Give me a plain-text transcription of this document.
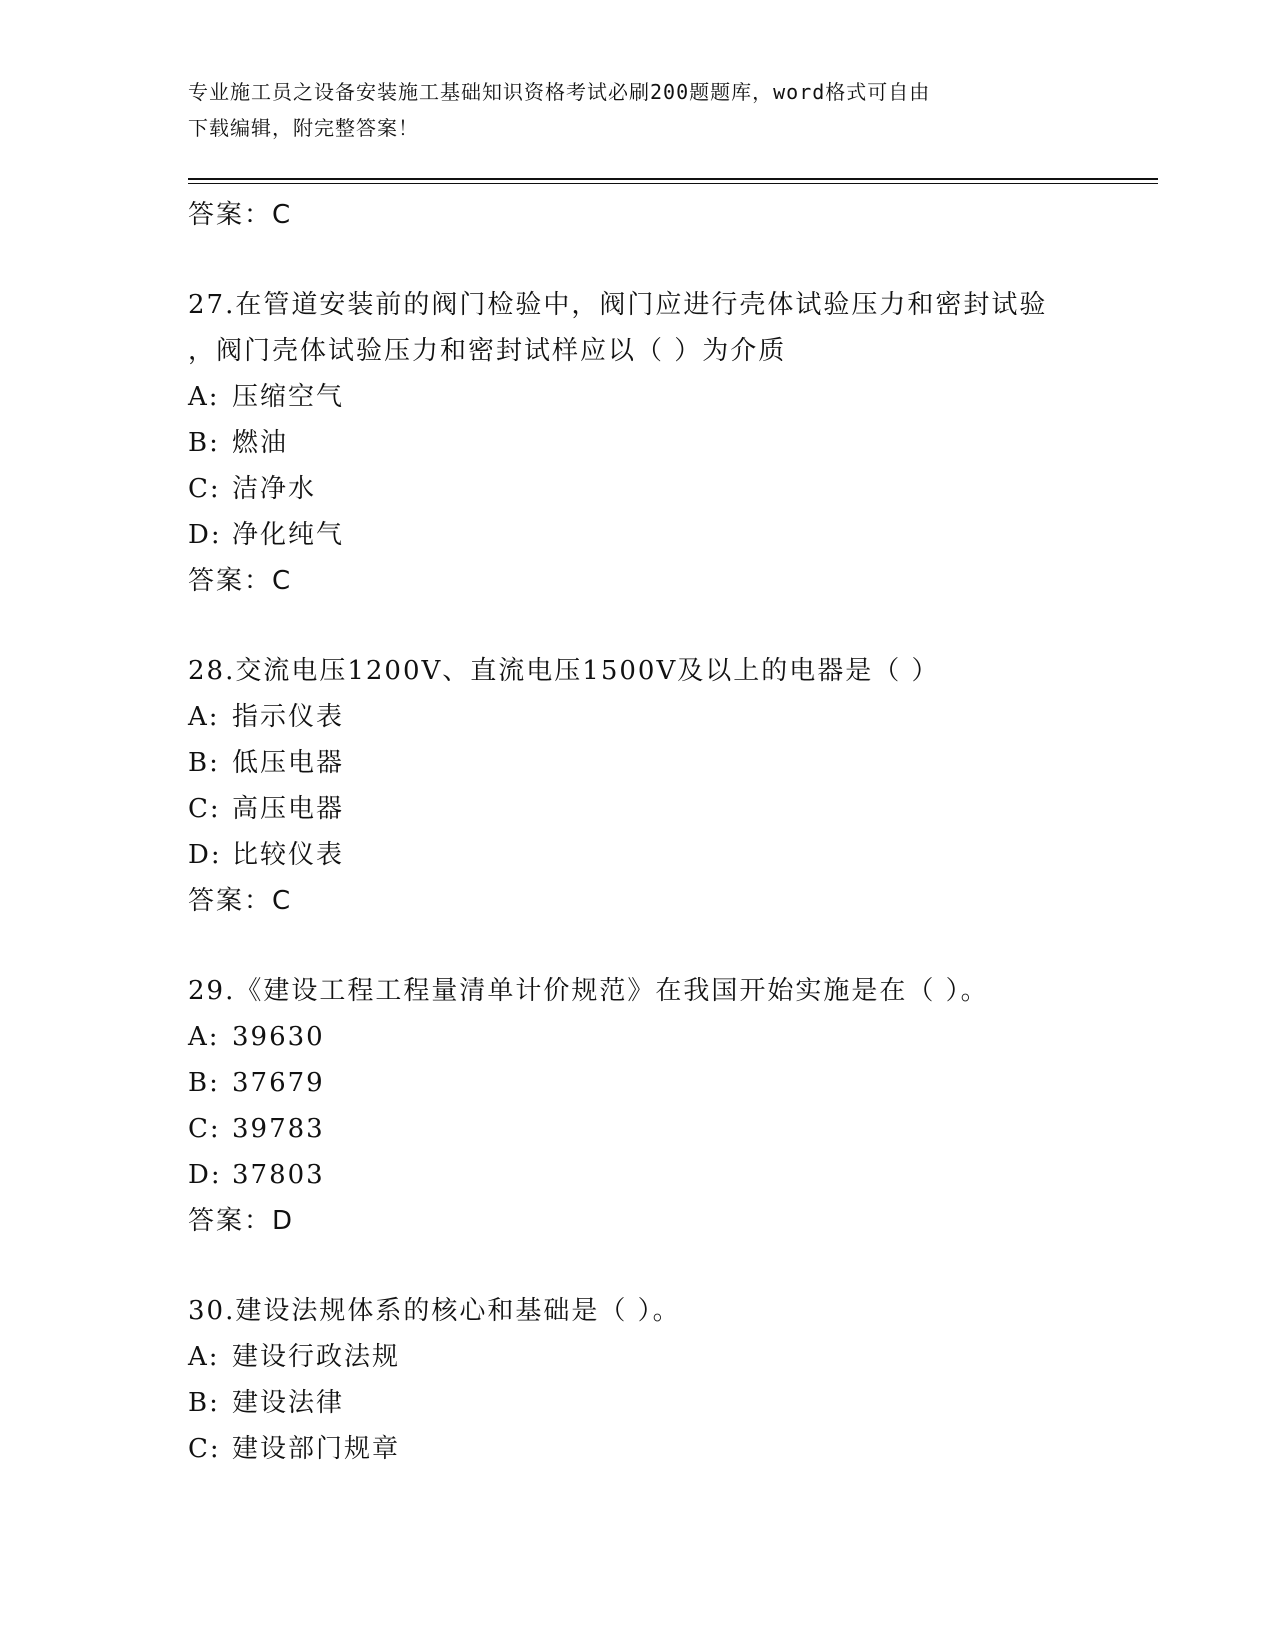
专业施工员之设备安装施工基础知识资格考试必刷200题题库，word格式可自由
下载编辑，附完整答案！
答案：C
27.在管道安装前的阀门检验中，阀门应进行壳体试验压力和密封试验
，阀门壳体试验压力和密封试样应以（ ）为介质
A: 压缩空气
B: 燃油
C: 洁净水
D: 净化纯气
答案：C
28.交流电压1200V、直流电压1500V及以上的电器是（ ）
A: 指示仪表
B: 低压电器
C: 高压电器
D: 比较仪表
答案：C
29.《建设工程工程量清单计价规范》在我国开始实施是在（ ）。
A: 39630
B: 37679
C: 39783
D: 37803
答案：D
30.建设法规体系的核心和基础是（ ）。
A: 建设行政法规
B: 建设法律
C: 建设部门规章
